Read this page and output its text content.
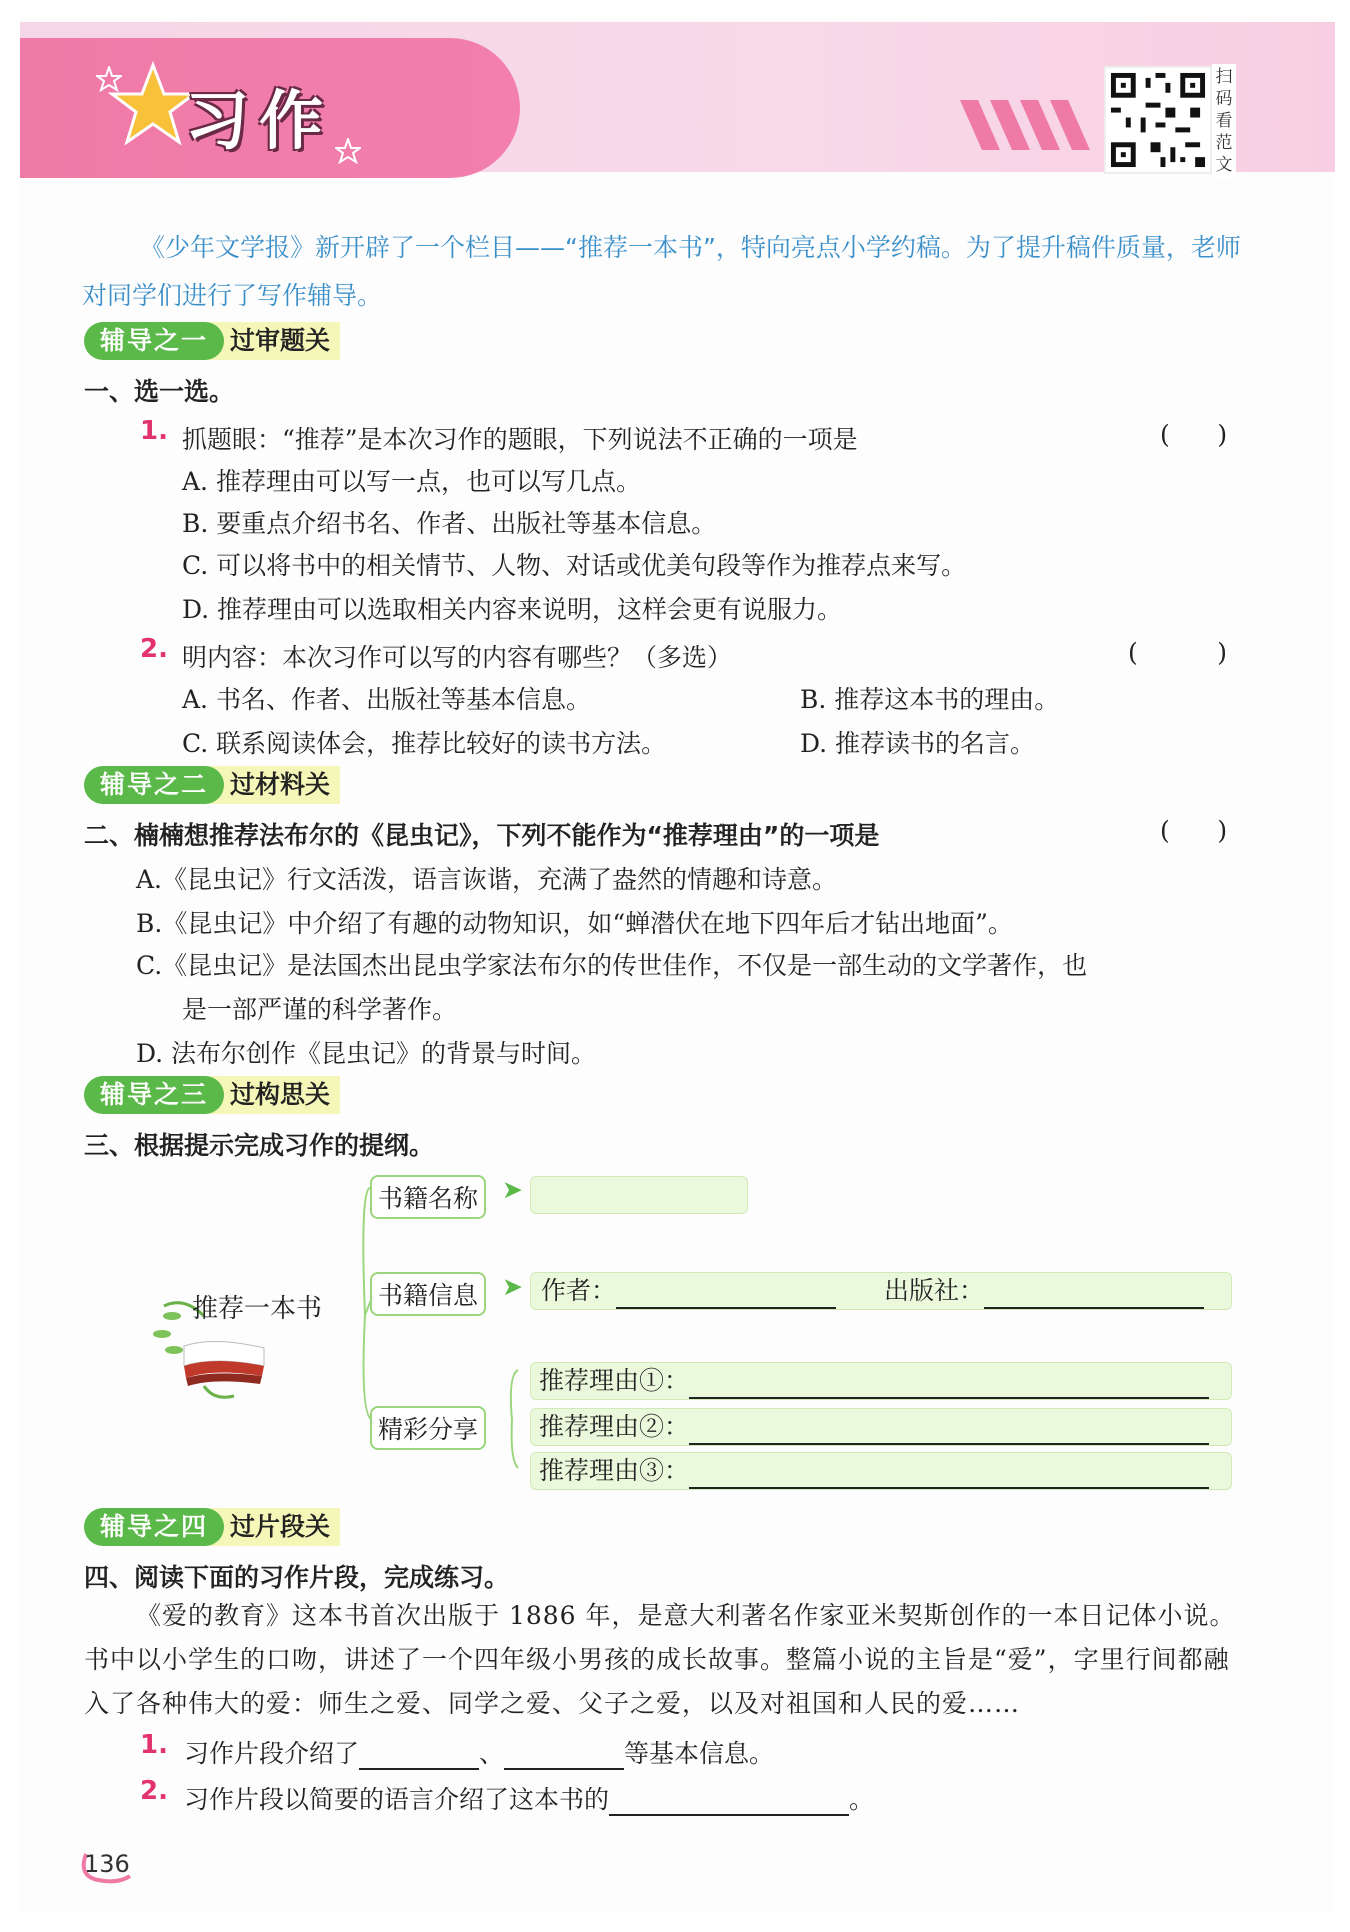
习作
扫
码
看
范
文
《少年文学报》新开辟了一个栏目——“推荐一本书”，特向亮点小学约稿。为了提升稿件质量，老师对同学们进行了写作辅导。
辅导之一 过审题关
一、选一选。
1. 抓题眼：“推荐”是本次习作的题眼，下列说法不正确的一项是	(      )
A. 推荐理由可以写一点，也可以写几点。
B. 要重点介绍书名、作者、出版社等基本信息。
C. 可以将书中的相关情节、人物、对话或优美句段等作为推荐点来写。
D. 推荐理由可以选取相关内容来说明，这样会更有说服力。
2. 明内容：本次习作可以写的内容有哪些？（多选）	(          )
A. 书名、作者、出版社等基本信息。	B. 推荐这本书的理由。
C. 联系阅读体会，推荐比较好的读书方法。	D. 推荐读书的名言。
辅导之二 过材料关
二、楠楠想推荐法布尔的《昆虫记》，下列不能作为“推荐理由”的一项是	(      )
A.《昆虫记》行文活泼，语言诙谐，充满了盎然的情趣和诗意。
B.《昆虫记》中介绍了有趣的动物知识，如“蝉潜伏在地下四年后才钻出地面”。
C.《昆虫记》是法国杰出昆虫学家法布尔的传世佳作，不仅是一部生动的文学著作，也
是一部严谨的科学著作。
D. 法布尔创作《昆虫记》的背景与时间。
辅导之三 过构思关
三、根据提示完成习作的提纲。
推荐一本书
书籍名称 ➤
书籍信息 ➤ 作者：	出版社：
精彩分享
推荐理由①：
推荐理由②：
推荐理由③：
辅导之四 过片段关
四、阅读下面的习作片段，完成练习。
《爱的教育》这本书首次出版于 1886 年，是意大利著名作家亚米契斯创作的一本日记体小说。书中以小学生的口吻，讲述了一个四年级小男孩的成长故事。整篇小说的主旨是“爱”，字里行间都融入了各种伟大的爱：师生之爱、同学之爱、父子之爱，以及对祖国和人民的爱……
1. 习作片段介绍了	、	等基本信息。
2. 习作片段以简要的语言介绍了这本书的	。
136
